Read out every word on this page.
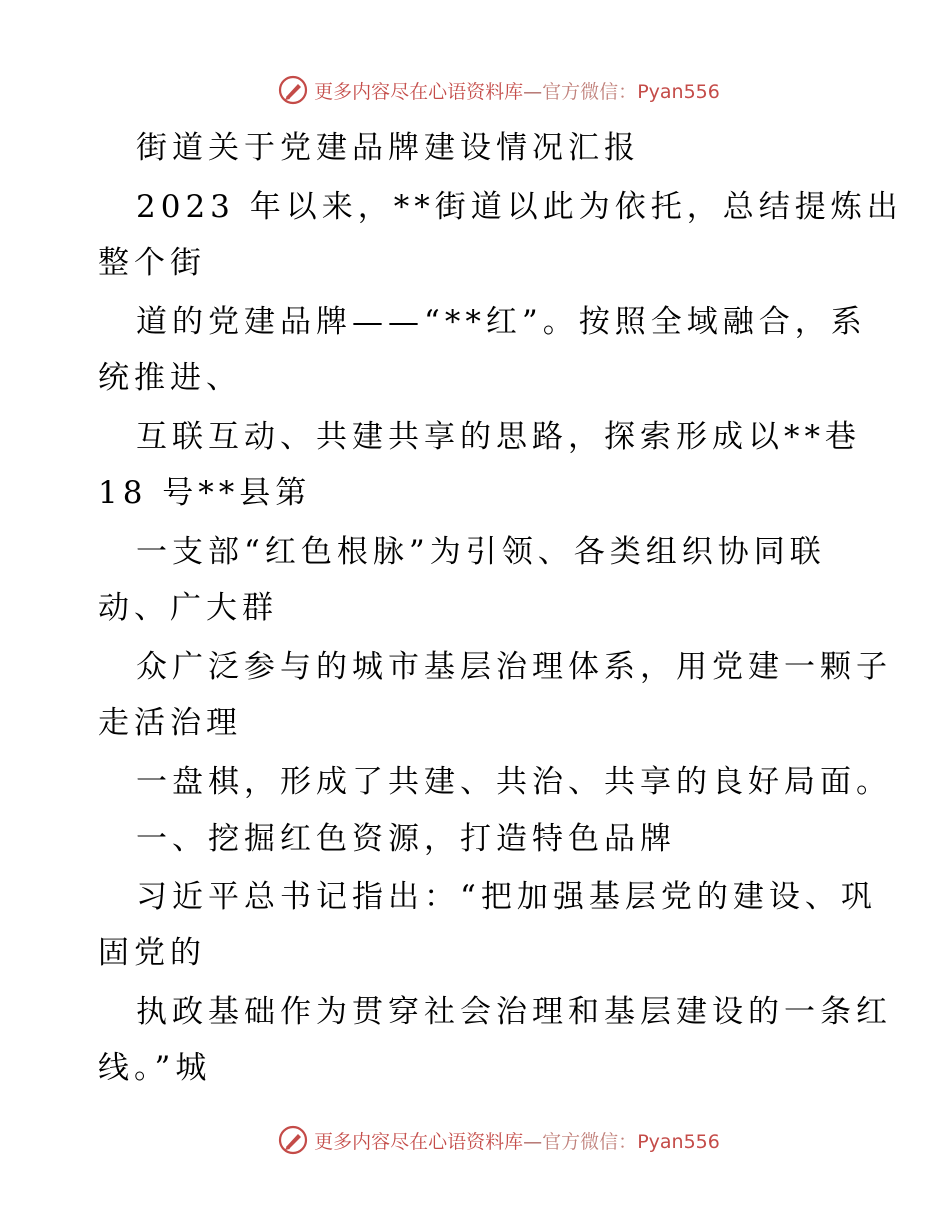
更多内容尽在心语资料库—官方微信：Pyan556
街道关于党建品牌建设情况汇报
2023 年以来，**街道以此为依托，总结提炼出
整个街
道的党建品牌——“**红”。按照全域融合，系
统推进、
互联互动、共建共享的思路，探索形成以**巷
18 号**县第
一支部“红色根脉”为引领、各类组织协同联
动、广大群
众广泛参与的城市基层治理体系，用党建一颗子
走活治理
一盘棋，形成了共建、共治、共享的良好局面。
一、挖掘红色资源，打造特色品牌
习近平总书记指出：“把加强基层党的建设、巩
固党的
执政基础作为贯穿社会治理和基层建设的一条红
线。”城
更多内容尽在心语资料库—官方微信：Pyan556
